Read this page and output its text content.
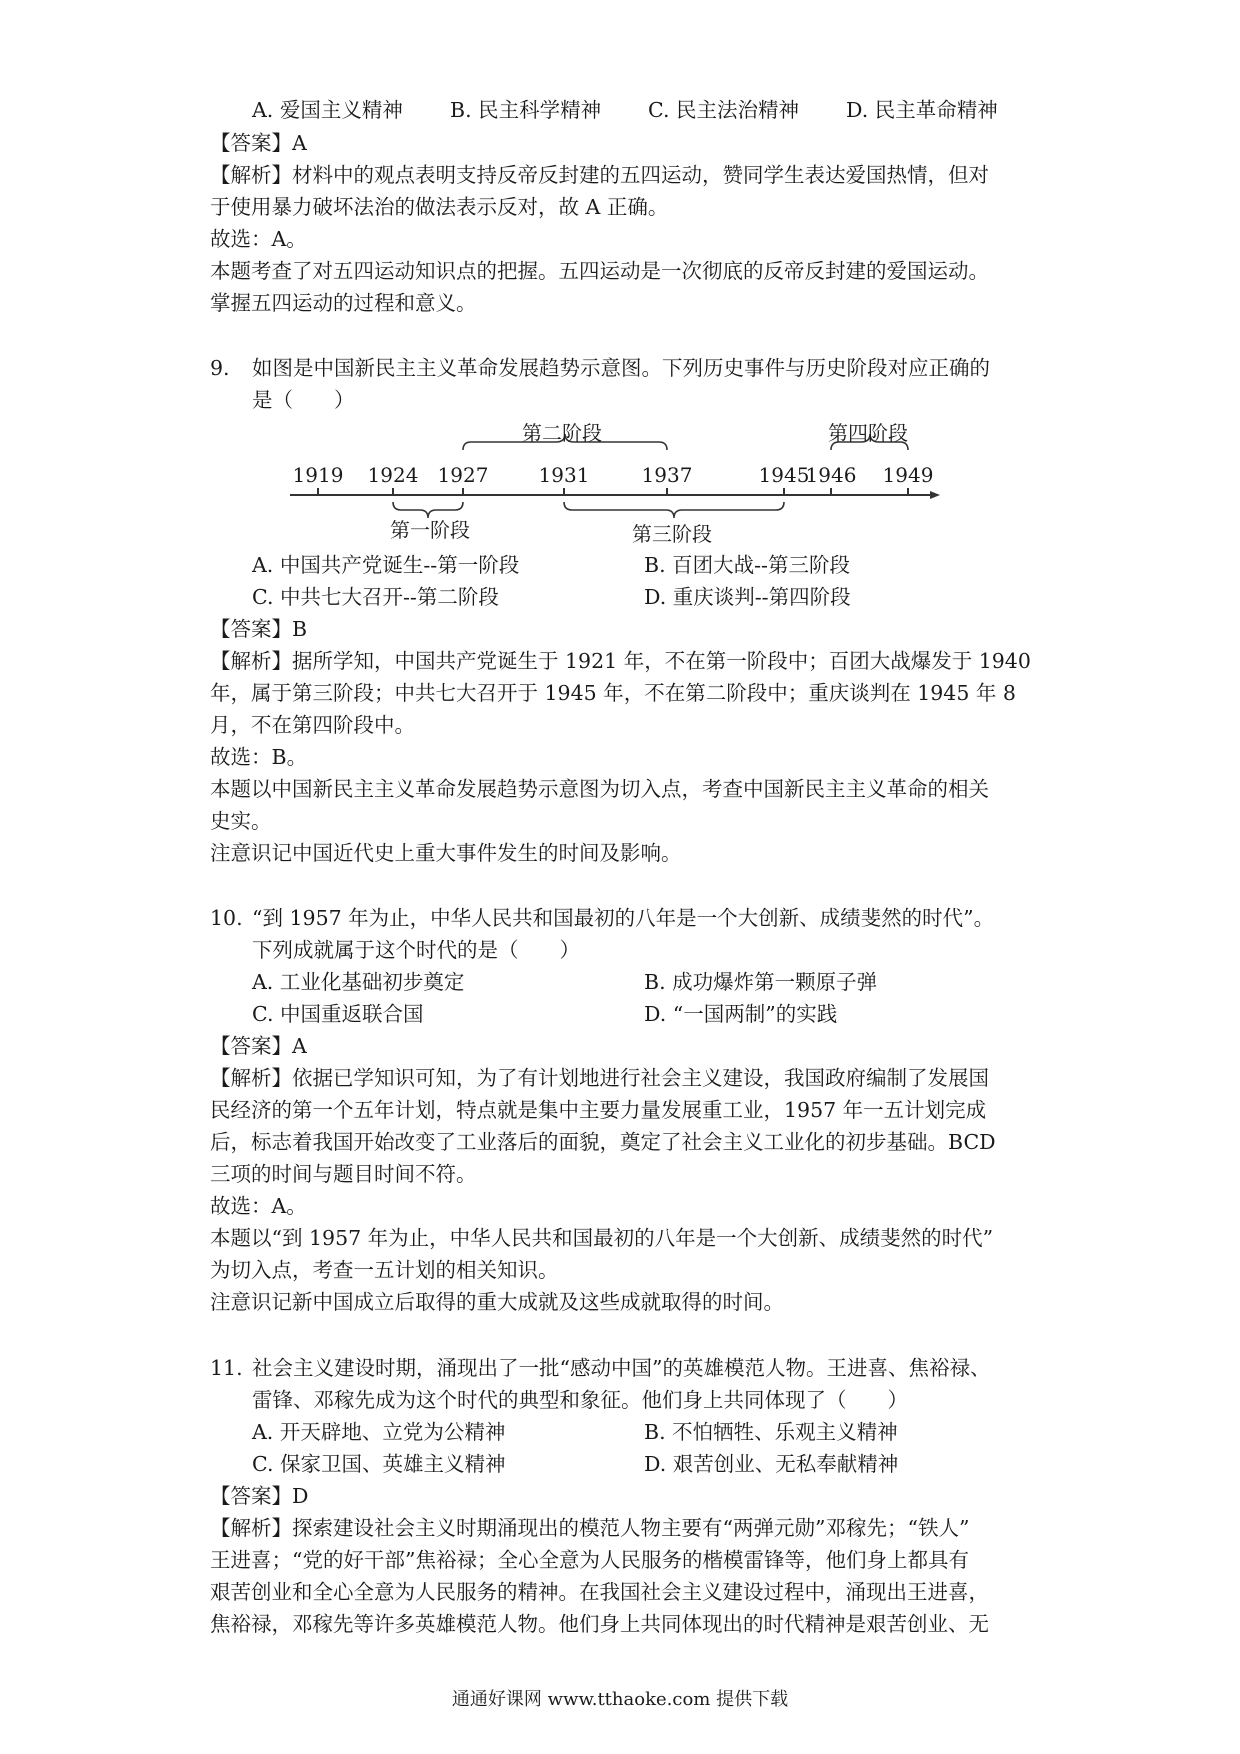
A. 爱国主义精神 B. 民主科学精神 C. 民主法治精神 D. 民主革命精神
【答案】A
【解析】材料中的观点表明支持反帝反封建的五四运动，赞同学生表达爱国热情，但对
于使用暴力破坏法治的做法表示反对，故 A 正确。
故选：A。
本题考查了对五四运动知识点的把握。五四运动是一次彻底的反帝反封建的爱国运动。
掌握五四运动的过程和意义。
9. 如图是中国新民主主义革命发展趋势示意图。下列历史事件与历史阶段对应正确的
是（　　）
1919 1924 1927	1931	1937	1945
1946 1949
第二阶段	第四阶段
第一阶段	第三阶段
A. 中国共产党诞生--第一阶段	B. 百团大战--第三阶段
C. 中共七大召开--第二阶段	D. 重庆谈判--第四阶段
【答案】B
【解析】据所学知，中国共产党诞生于 1921 年，不在第一阶段中；百团大战爆发于 1940
年，属于第三阶段；中共七大召开于 1945 年，不在第二阶段中；重庆谈判在 1945 年 8
月，不在第四阶段中。
故选：B。
本题以中国新民主主义革命发展趋势示意图为切入点，考查中国新民主主义革命的相关
史实。
注意识记中国近代史上重大事件发生的时间及影响。
10. “到 1957 年为止，中华人民共和国最初的八年是一个大创新、成绩斐然的时代”。
下列成就属于这个时代的是（　　）
A. 工业化基础初步奠定	B. 成功爆炸第一颗原子弹
C. 中国重返联合国	D. “一国两制”的实践
【答案】A
【解析】依据已学知识可知，为了有计划地进行社会主义建设，我国政府编制了发展国
民经济的第一个五年计划，特点就是集中主要力量发展重工业，1957 年一五计划完成
后，标志着我国开始改变了工业落后的面貌，奠定了社会主义工业化的初步基础。BCD
三项的时间与题目时间不符。
故选：A。
本题以“到 1957 年为止，中华人民共和国最初的八年是一个大创新、成绩斐然的时代”
为切入点，考查一五计划的相关知识。
注意识记新中国成立后取得的重大成就及这些成就取得的时间。
11. 社会主义建设时期，涌现出了一批“感动中国”的英雄模范人物。王进喜、焦裕禄、
雷锋、邓稼先成为这个时代的典型和象征。他们身上共同体现了（　　）
A. 开天辟地、立党为公精神	B. 不怕牺牲、乐观主义精神
C. 保家卫国、英雄主义精神	D. 艰苦创业、无私奉献精神
【答案】D
【解析】探索建设社会主义时期涌现出的模范人物主要有“两弹元勋”邓稼先；“铁人”
王进喜；“党的好干部”焦裕禄；全心全意为人民服务的楷模雷锋等，他们身上都具有
艰苦创业和全心全意为人民服务的精神。在我国社会主义建设过程中，涌现出王进喜，
焦裕禄，邓稼先等许多英雄模范人物。他们身上共同体现出的时代精神是艰苦创业、无
通通好课网 www.tthaoke.com 提供下载
